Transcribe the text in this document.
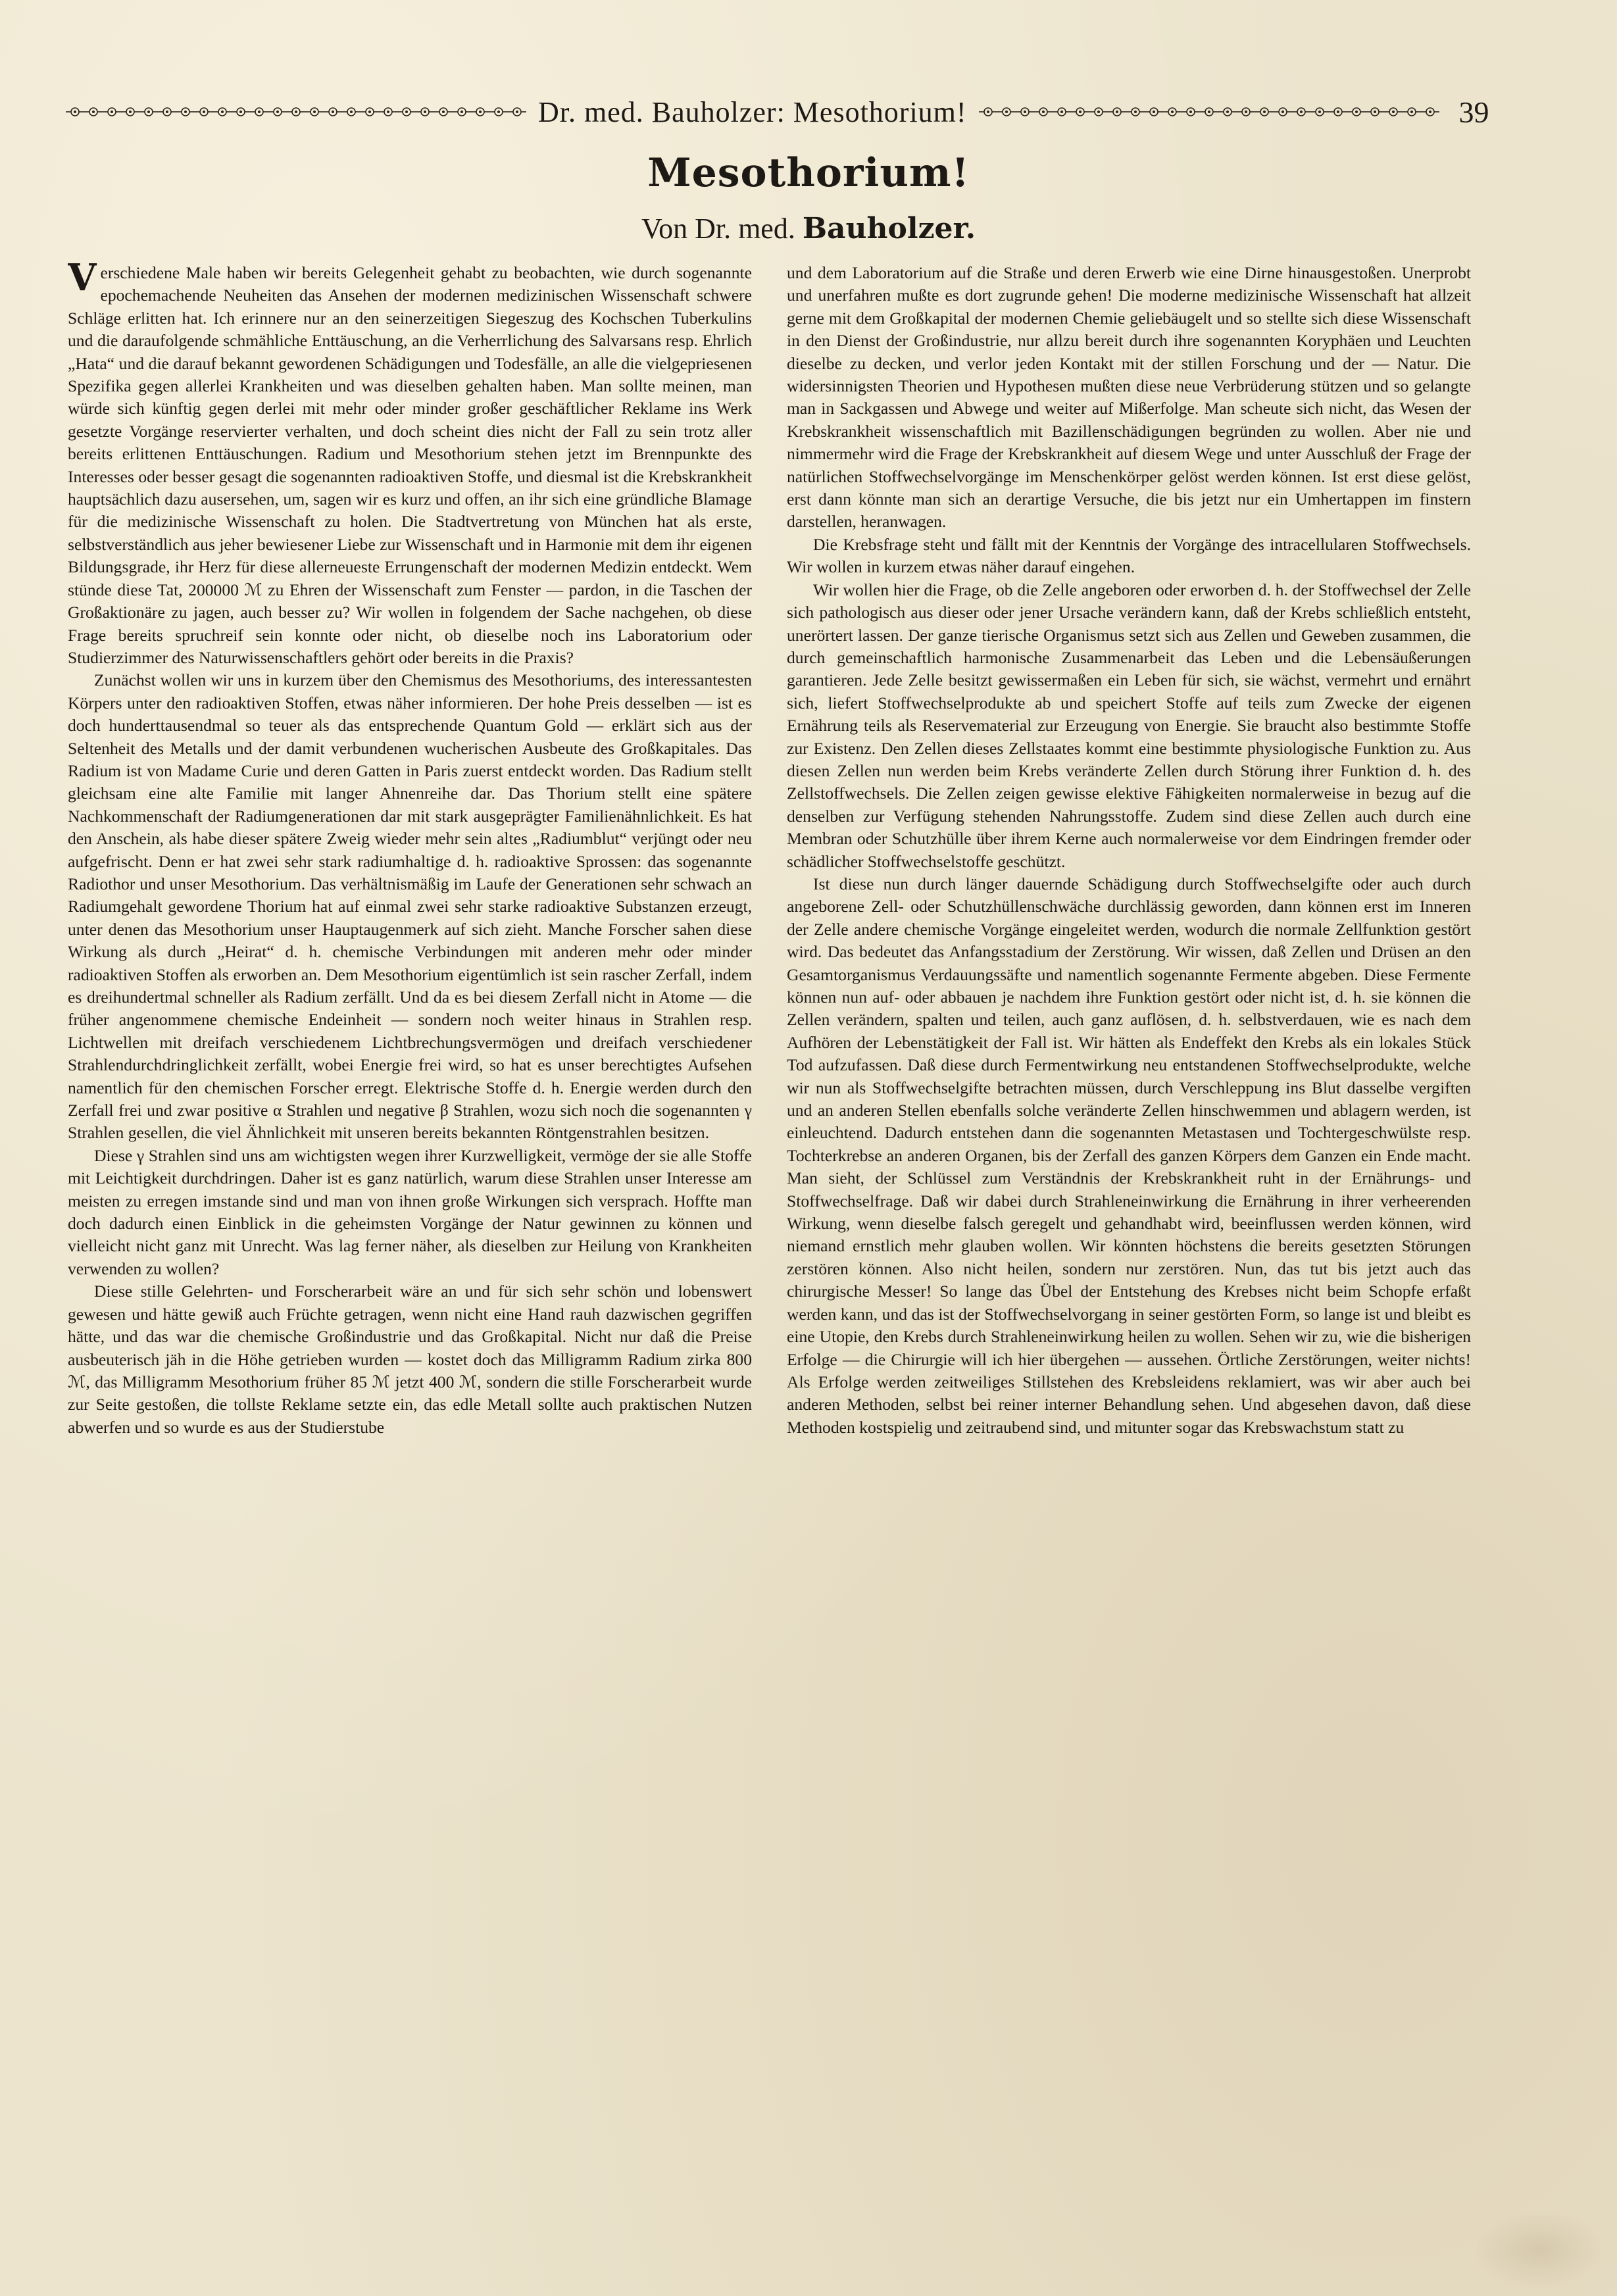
Dr. med. Bauholzer: Mesothorium!	39
Mesothorium!
Von Dr. med. Bauholzer.

Verschiedene Male haben wir bereits Gelegenheit gehabt zu beobachten, wie durch sogenannte epochemachende Neuheiten das Ansehen der modernen medizinischen Wissenschaft schwere Schläge erlitten hat. Ich erinnere nur an den seinerzeitigen Siegeszug des Kochschen Tuberkulins und die daraufolgende schmähliche Enttäuschung, an die Verherrlichung des Salvarsans resp. Ehrlich „Hata“ und die darauf bekannt gewordenen Schädigungen und Todesfälle, an alle die vielgepriesenen Spezifika gegen allerlei Krankheiten und was dieselben gehalten haben. Man sollte meinen, man würde sich künftig gegen derlei mit mehr oder minder großer geschäftlicher Reklame ins Werk gesetzte Vorgänge reservierter verhalten, und doch scheint dies nicht der Fall zu sein trotz aller bereits erlittenen Enttäuschungen. Radium und Mesothorium stehen jetzt im Brennpunkte des Interesses oder besser gesagt die sogenannten radioaktiven Stoffe, und diesmal ist die Krebskrankheit hauptsächlich dazu ausersehen, um, sagen wir es kurz und offen, an ihr sich eine gründliche Blamage für die medizinische Wissenschaft zu holen. Die Stadtvertretung von München hat als erste, selbstverständlich aus jeher bewiesener Liebe zur Wissenschaft und in Harmonie mit dem ihr eigenen Bildungsgrade, ihr Herz für diese allerneueste Errungenschaft der modernen Medizin entdeckt. Wem stünde diese Tat, 200000 ℳ zu Ehren der Wissenschaft zum Fenster — pardon, in die Taschen der Großaktionäre zu jagen, auch besser zu? Wir wollen in folgendem der Sache nachgehen, ob diese Frage bereits spruchreif sein konnte oder nicht, ob dieselbe noch ins Laboratorium oder Studierzimmer des Naturwissenschaftlers gehört oder bereits in die Praxis?

Zunächst wollen wir uns in kurzem über den Chemismus des Mesothoriums, des interessantesten Körpers unter den radioaktiven Stoffen, etwas näher informieren. Der hohe Preis desselben — ist es doch hunderttausendmal so teuer als das entsprechende Quantum Gold — erklärt sich aus der Seltenheit des Metalls und der damit verbundenen wucherischen Ausbeute des Großkapitales. Das Radium ist von Madame Curie und deren Gatten in Paris zuerst entdeckt worden. Das Radium stellt gleichsam eine alte Familie mit langer Ahnenreihe dar. Das Thorium stellt eine spätere Nachkommenschaft der Radiumgenerationen dar mit stark ausgeprägter Familienähnlichkeit. Es hat den Anschein, als habe dieser spätere Zweig wieder mehr sein altes „Radiumblut“ verjüngt oder neu aufgefrischt. Denn er hat zwei sehr stark radiumhaltige d. h. radioaktive Sprossen: das sogenannte Radiothor und unser Mesothorium. Das verhältnismäßig im Laufe der Generationen sehr schwach an Radiumgehalt gewordene Thorium hat auf einmal zwei sehr starke radioaktive Substanzen erzeugt, unter denen das Mesothorium unser Hauptaugenmerk auf sich zieht. Manche Forscher sahen diese Wirkung als durch „Heirat“ d. h. chemische Verbindungen mit anderen mehr oder minder radioaktiven Stoffen als erworben an. Dem Mesothorium eigentümlich ist sein rascher Zerfall, indem es dreihundertmal schneller als Radium zerfällt. Und da es bei diesem Zerfall nicht in Atome — die früher angenommene chemische Endeinheit — sondern noch weiter hinaus in Strahlen resp. Lichtwellen mit dreifach verschiedenem Lichtbrechungsvermögen und dreifach verschiedener Strahlendurchdringlichkeit zerfällt, wobei Energie frei wird, so hat es unser berechtigtes Aufsehen namentlich für den chemischen Forscher erregt. Elektrische Stoffe d. h. Energie werden durch den Zerfall frei und zwar positive α Strahlen und negative β Strahlen, wozu sich noch die sogenannten γ Strahlen gesellen, die viel Ähnlichkeit mit unseren bereits bekannten Röntgenstrahlen besitzen.

Diese γ Strahlen sind uns am wichtigsten wegen ihrer Kurzwelligkeit, vermöge der sie alle Stoffe mit Leichtigkeit durchdringen. Daher ist es ganz natürlich, warum diese Strahlen unser Interesse am meisten zu erregen imstande sind und man von ihnen große Wirkungen sich versprach. Hoffte man doch dadurch einen Einblick in die geheimsten Vorgänge der Natur gewinnen zu können und vielleicht nicht ganz mit Unrecht. Was lag ferner näher, als dieselben zur Heilung von Krankheiten verwenden zu wollen?

Diese stille Gelehrten- und Forscherarbeit wäre an und für sich sehr schön und lobenswert gewesen und hätte gewiß auch Früchte getragen, wenn nicht eine Hand rauh dazwischen gegriffen hätte, und das war die chemische Großindustrie und das Großkapital. Nicht nur daß die Preise ausbeuterisch jäh in die Höhe getrieben wurden — kostet doch das Milligramm Radium zirka 800 ℳ, das Milligramm Mesothorium früher 85 ℳ jetzt 400 ℳ, sondern die stille Forscherarbeit wurde zur Seite gestoßen, die tollste Reklame setzte ein, das edle Metall sollte auch praktischen Nutzen abwerfen und so wurde es aus der Studierstube

und dem Laboratorium auf die Straße und deren Erwerb wie eine Dirne hinausgestoßen. Unerprobt und unerfahren mußte es dort zugrunde gehen! Die moderne medizinische Wissenschaft hat allzeit gerne mit dem Großkapital der modernen Chemie geliebäugelt und so stellte sich diese Wissenschaft in den Dienst der Großindustrie, nur allzu bereit durch ihre sogenannten Koryphäen und Leuchten dieselbe zu decken, und verlor jeden Kontakt mit der stillen Forschung und der — Natur. Die widersinnigsten Theorien und Hypothesen mußten diese neue Verbrüderung stützen und so gelangte man in Sackgassen und Abwege und weiter auf Mißerfolge. Man scheute sich nicht, das Wesen der Krebskrankheit wissenschaftlich mit Bazillenschädigungen begründen zu wollen. Aber nie und nimmermehr wird die Frage der Krebskrankheit auf diesem Wege und unter Ausschluß der Frage der natürlichen Stoffwechselvorgänge im Menschenkörper gelöst werden können. Ist erst diese gelöst, erst dann könnte man sich an derartige Versuche, die bis jetzt nur ein Umhertappen im finstern darstellen, heranwagen.

Die Krebsfrage steht und fällt mit der Kenntnis der Vorgänge des intracellularen Stoffwechsels. Wir wollen in kurzem etwas näher darauf eingehen.

Wir wollen hier die Frage, ob die Zelle angeboren oder erworben d. h. der Stoffwechsel der Zelle sich pathologisch aus dieser oder jener Ursache verändern kann, daß der Krebs schließlich entsteht, unerörtert lassen. Der ganze tierische Organismus setzt sich aus Zellen und Geweben zusammen, die durch gemeinschaftlich harmonische Zusammenarbeit das Leben und die Lebensäußerungen garantieren. Jede Zelle besitzt gewissermaßen ein Leben für sich, sie wächst, vermehrt und ernährt sich, liefert Stoffwechselprodukte ab und speichert Stoffe auf teils zum Zwecke der eigenen Ernährung teils als Reservematerial zur Erzeugung von Energie. Sie braucht also bestimmte Stoffe zur Existenz. Den Zellen dieses Zellstaates kommt eine bestimmte physiologische Funktion zu. Aus diesen Zellen nun werden beim Krebs veränderte Zellen durch Störung ihrer Funktion d. h. des Zellstoffwechsels. Die Zellen zeigen gewisse elektive Fähigkeiten normalerweise in bezug auf die denselben zur Verfügung stehenden Nahrungsstoffe. Zudem sind diese Zellen auch durch eine Membran oder Schutzhülle über ihrem Kerne auch normalerweise vor dem Eindringen fremder oder schädlicher Stoffwechselstoffe geschützt.

Ist diese nun durch länger dauernde Schädigung durch Stoffwechselgifte oder auch durch angeborene Zell- oder Schutzhüllenschwäche durchlässig geworden, dann können erst im Inneren der Zelle andere chemische Vorgänge eingeleitet werden, wodurch die normale Zellfunktion gestört wird. Das bedeutet das Anfangsstadium der Zerstörung. Wir wissen, daß Zellen und Drüsen an den Gesamtorganismus Verdauungssäfte und namentlich sogenannte Fermente abgeben. Diese Fermente können nun auf- oder abbauen je nachdem ihre Funktion gestört oder nicht ist, d. h. sie können die Zellen verändern, spalten und teilen, auch ganz auflösen, d. h. selbstverdauen, wie es nach dem Aufhören der Lebenstätigkeit der Fall ist. Wir hätten als Endeffekt den Krebs als ein lokales Stück Tod aufzufassen. Daß diese durch Fermentwirkung neu entstandenen Stoffwechselprodukte, welche wir nun als Stoffwechselgifte betrachten müssen, durch Verschleppung ins Blut dasselbe vergiften und an anderen Stellen ebenfalls solche veränderte Zellen hinschwemmen und ablagern werden, ist einleuchtend. Dadurch entstehen dann die sogenannten Metastasen und Tochtergeschwülste resp. Tochterkrebse an anderen Organen, bis der Zerfall des ganzen Körpers dem Ganzen ein Ende macht. Man sieht, der Schlüssel zum Verständnis der Krebskrankheit ruht in der Ernährungs- und Stoffwechselfrage. Daß wir dabei durch Strahleneinwirkung die Ernährung in ihrer verheerenden Wirkung, wenn dieselbe falsch geregelt und gehandhabt wird, beeinflussen werden können, wird niemand ernstlich mehr glauben wollen. Wir könnten höchstens die bereits gesetzten Störungen zerstören können. Also nicht heilen, sondern nur zerstören. Nun, das tut bis jetzt auch das chirurgische Messer! So lange das Übel der Entstehung des Krebses nicht beim Schopfe erfaßt werden kann, und das ist der Stoffwechselvorgang in seiner gestörten Form, so lange ist und bleibt es eine Utopie, den Krebs durch Strahleneinwirkung heilen zu wollen. Sehen wir zu, wie die bisherigen Erfolge — die Chirurgie will ich hier übergehen — aussehen. Örtliche Zerstörungen, weiter nichts! Als Erfolge werden zeitweiliges Stillstehen des Krebsleidens reklamiert, was wir aber auch bei anderen Methoden, selbst bei reiner interner Behandlung sehen. Und abgesehen davon, daß diese Methoden kostspielig und zeitraubend sind, und mitunter sogar das Krebswachstum statt zu
